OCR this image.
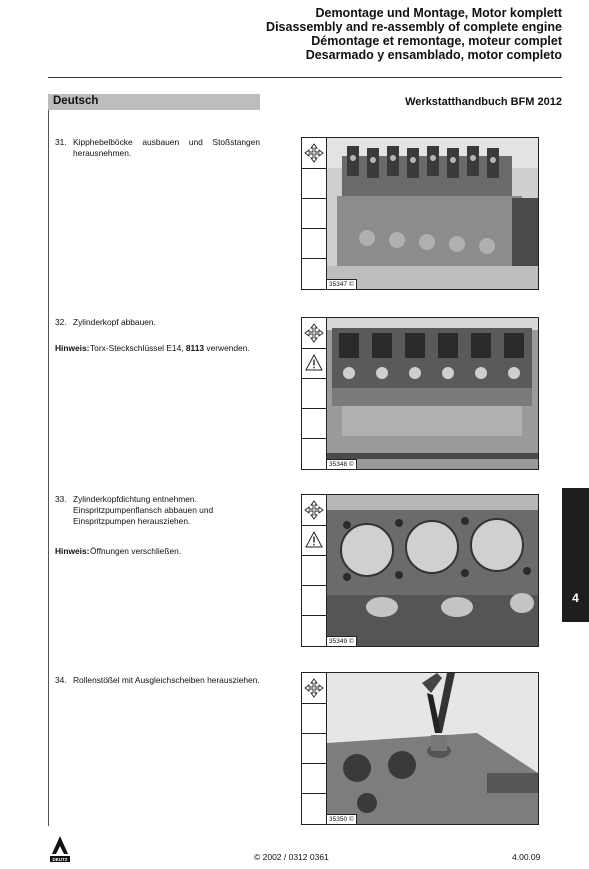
Demontage und Montage, Motor komplett
Disassembly and re-assembly of complete engine
Démontage et remontage, moteur complet
Desarmado y ensamblado, motor completo
Deutsch	Werkstatthandbuch BFM 2012
31. Kipphebelböcke ausbauen und Stoßstangen herausnehmen.
32. Zylinderkopf abbauen.
Hinweis: Torx-Steckschlüssel E14, 8113 verwenden.
33. Zylinderkopfdichtung entnehmen. Einspritzpumpenflansch abbauen und Einspritzpumpen herausziehen.
Hinweis: Öffnungen verschließen.
34. Rollenstößel mit Ausgleichscheiben herausziehen.
35347 ©
35348 ©
35349 ©
35350 ©
4
DEUTZ	© 2002 / 0312 0361	4.00.09
